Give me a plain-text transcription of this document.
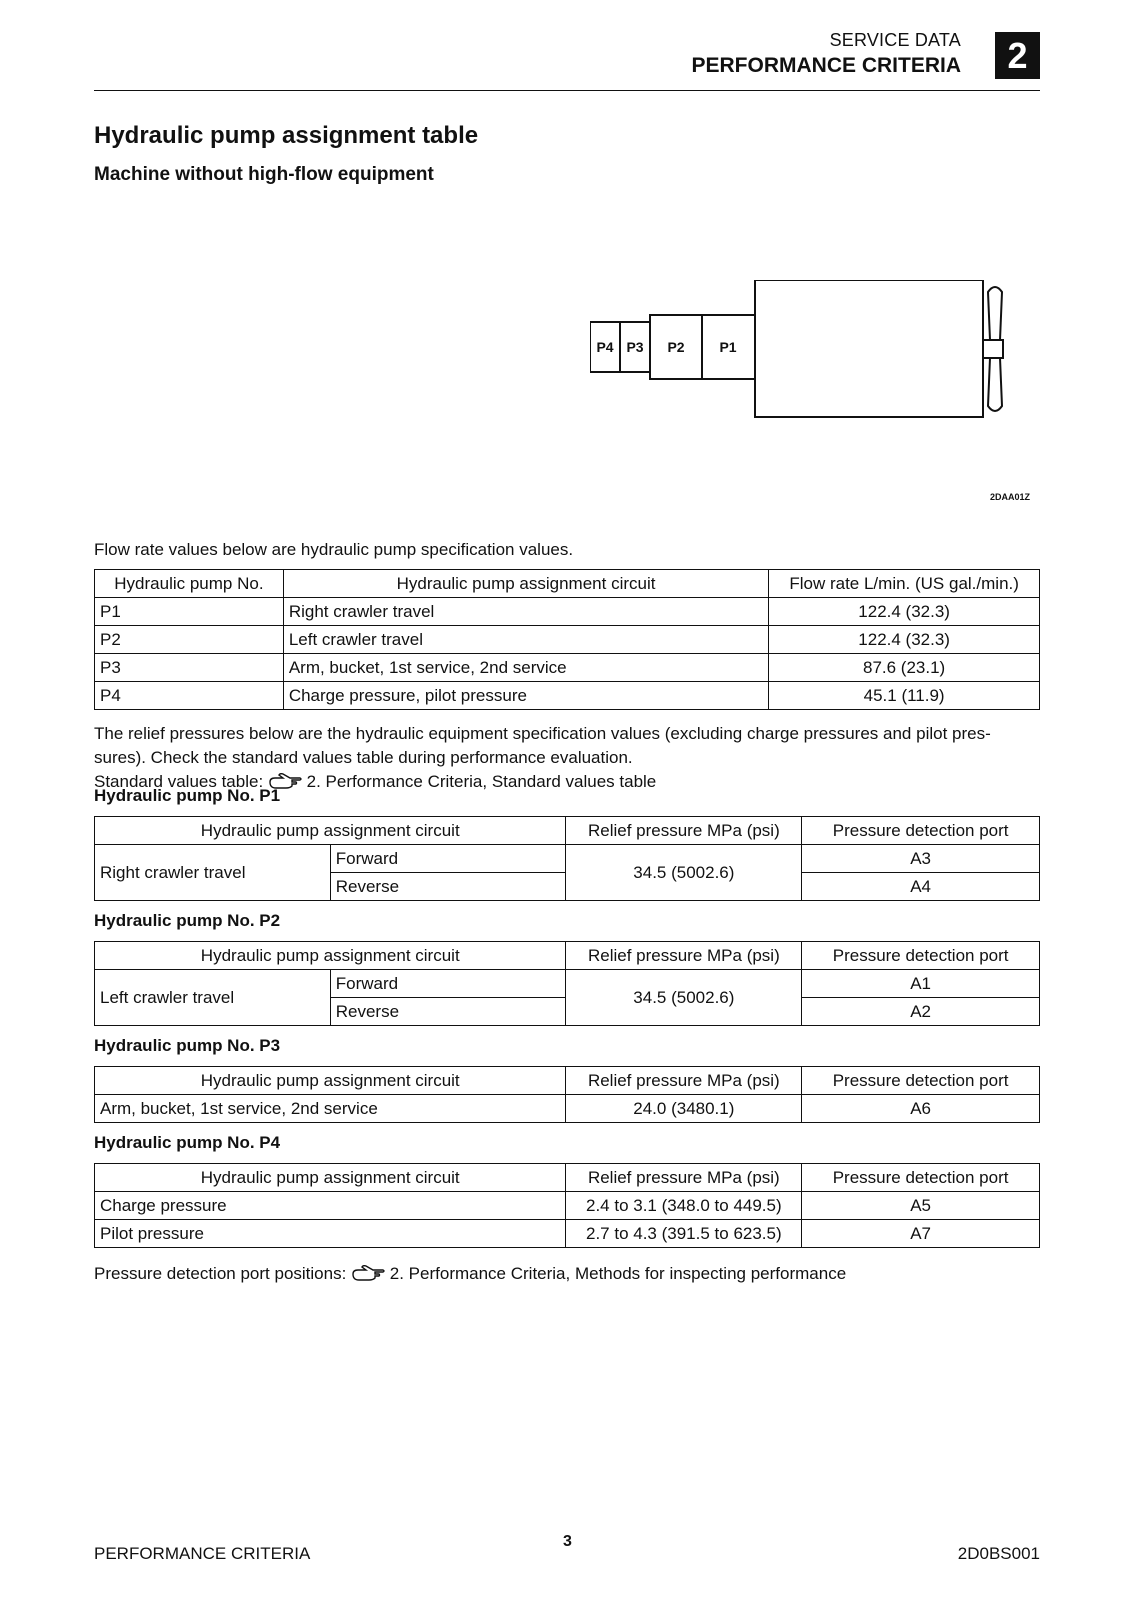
SERVICE DATA
PERFORMANCE CRITERIA	2
Hydraulic pump assignment table
Machine without high-flow equipment
P4 P3 P2 P1
2DAA01Z
Flow rate values below are hydraulic pump specification values.
Hydraulic pump No.	Hydraulic pump assignment circuit	Flow rate L/min. (US gal./min.)
P1	Right crawler travel	122.4 (32.3)
P2	Left crawler travel	122.4 (32.3)
P3	Arm, bucket, 1st service, 2nd service	87.6 (23.1)
P4	Charge pressure, pilot pressure	45.1 (11.9)
The relief pressures below are the hydraulic equipment specification values (excluding charge pressures and pilot pres-
sures). Check the standard values table during performance evaluation.
Standard values table:	2. Performance Criteria, Standard values table
Hydraulic pump No. P1
Hydraulic pump assignment circuit		Relief pressure MPa (psi)	Pressure detection port
Right crawler travel	Forward	34.5 (5002.6)	A3
	Reverse		A4
Hydraulic pump No. P2
Hydraulic pump assignment circuit		Relief pressure MPa (psi)	Pressure detection port
Left crawler travel	Forward	34.5 (5002.6)	A1
	Reverse		A2
Hydraulic pump No. P3
Hydraulic pump assignment circuit	Relief pressure MPa (psi)	Pressure detection port
Arm, bucket, 1st service, 2nd service	24.0 (3480.1)	A6
Hydraulic pump No. P4
Hydraulic pump assignment circuit	Relief pressure MPa (psi)	Pressure detection port
Charge pressure	2.4 to 3.1 (348.0 to 449.5)	A5
Pilot pressure	2.7 to 4.3 (391.5 to 623.5)	A7
Pressure detection port positions:	2. Performance Criteria, Methods for inspecting performance
PERFORMANCE CRITERIA
3
2D0BS001
